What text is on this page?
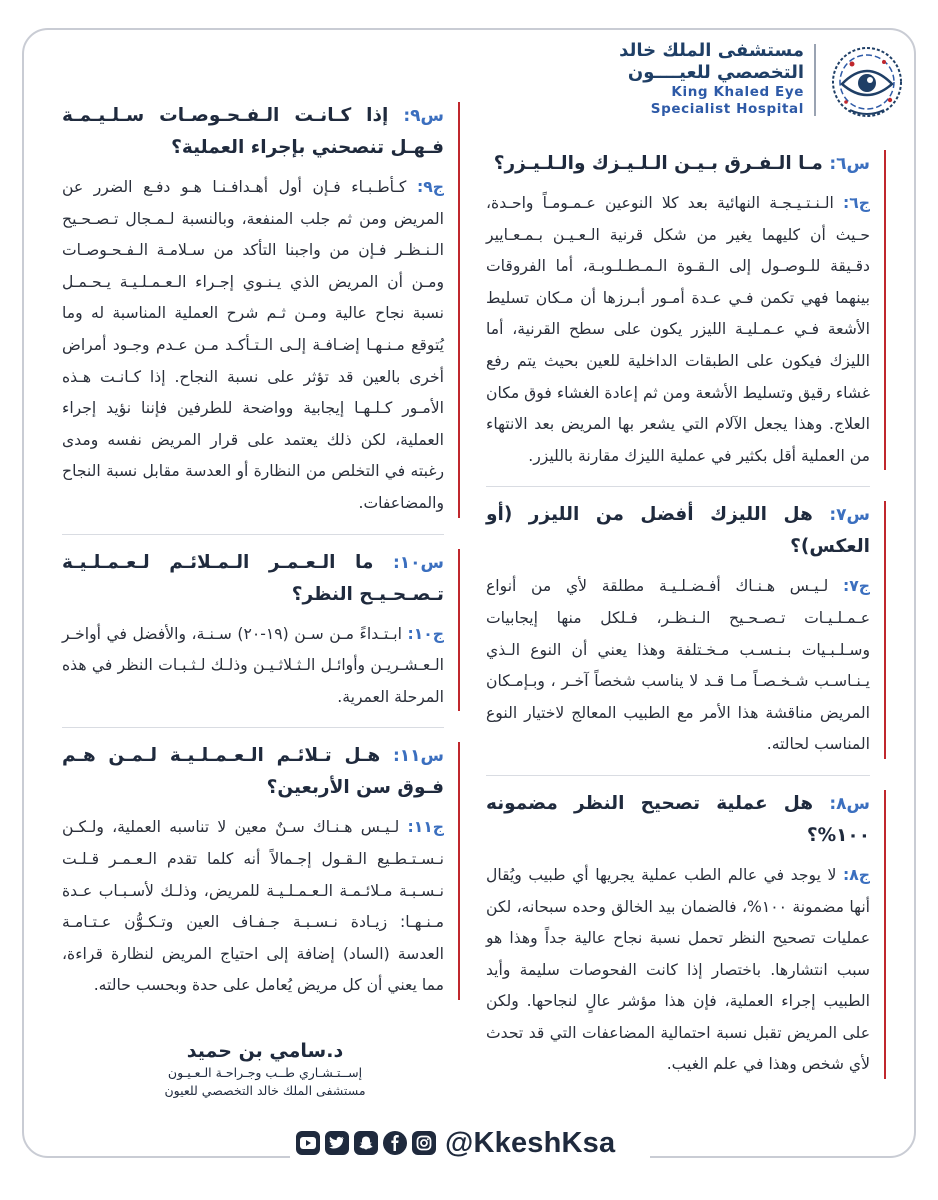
مستشفى الملك خالد
التخصصي للعيــــون
King Khaled Eye
Specialist Hospital
س٦: مـا الـفـرق بـيـن الـلـيـزك والـلـيـزر؟
ج٦: الـنـتـيـجـة النهائية بعد كلا النوعين عـمـومـاً واحـدة، حـيث أن كليهما يغير من شكل قرنية الـعـيـن بـمـعـايير دقـيقة للـوصـول إلى الـقـوة الـمـطـلـوبـة، أما الفروقات بينهما فهي تكمن فـي عـدة أمـور أبـرزها أن مـكان تسليط الأشعة فـي عـمـليـة الليزر يكون على سطح القرنية، أما الليزك فيكون على الطبقات الداخلية للعين بحيث يتم رفع غشاء رقيق وتسليط الأشعة ومن ثم إعادة الغشاء فوق مكان العلاج. وهذا يجعل الآلام التي يشعر بها المريض بعد الانتهاء من العملية أقل بكثير في عملية الليزك مقارنة بالليزر.
س٧: هل الليزك أفضل من الليزر (أو العكس)؟
ج٧: لـيـس هـنـاك أفـضـلـيـة مطلقة لأي من أنواع عـمـلـيـات تـصـحـيح الـنـظـر، فـلكل منها إيجابيات وسـلـبـيات بـنـسـب مـخـتلفة وهذا يعني أن النوع الـذي يـنـاسـب شـخـصـاً مـا قـد لا يناسب شخصاً آخـر ، وبـإمـكان المريض مناقشة هذا الأمر مع الطبيب المعالج لاختيار النوع المناسب لحالته.
س٨: هل عملية تصحيح النظر مضمونه ١٠٠%؟
ج٨: لا يوجد في عالم الطب عملية يجريها أي طبيب ويُقال أنها مضمونة ١٠٠%، فالضمان بيد الخالق وحده سبحانه، لكن عمليات تصحيح النظر تحمل نسبة نجاح عالية جداً وهذا هو سبب انتشارها. باختصار إذا كانت الفحوصات سليمة وأيد الطبيب إجراء العملية، فإن هذا مؤشر عالٍ لنجاحها. ولكن على المريض تقبل نسبة احتمالية المضاعفات التي قد تحدث لأي شخص وهذا في علم الغيب.
س٩: إذا كـانـت الـفـحـوصـات سـلـيـمـة فـهـل تنصحني بإجراء العملية؟
ج٩: كـأطـبـاء فـإن أول أهـدافـنـا هـو دفـع الضرر عن المريض ومن ثم جلب المنفعة، وبالنسبة لـمـجال تـصـحـيح الـنـظـر فـإن من واجبنا التأكد من سـلامـة الـفـحـوصـات ومـن أن المريض الذي يـنـوي إجـراء الـعـمـلـيـة يـحـمـل نسبة نجاح عالية ومـن ثـم شرح العملية المناسبة له وما يُتوقع مـنـهـا إضـافـة إلـى الـتـأكـد مـن عـدم وجـود أمراض أخرى بالعين قد تؤثر على نسبة النجاح. إذا كـانـت هـذه الأمـور كـلـهـا إيجابية وواضحة للطرفين فإننا نؤيد إجراء العملية، لكن ذلك يعتمد على قرار المريض نفسه ومدى رغبته في التخلص من النظارة أو العدسة مقابل نسبة النجاح والمضاعفات.
س١٠: ما الـعـمـر الـمـلائـم لـعـمـلـيـة تـصـحـيـح النظر؟
ج١٠: ابـتـداءً مـن سـن (١٩-٢٠) سـنـة، والأفضل في أواخـر الـعـشـريـن وأوائـل الـثـلاثـيـن وذلـك لـثـبـات النظر في هذه المرحلة العمرية.
س١١: هـل تـلائـم الـعـمـلـيـة لـمـن هـم فـوق سن الأربعين؟
ج١١: لـيـس هـنـاك سـنٌ معين لا تناسبه العملية، ولـكـن نـسـتـطـيع الـقـول إجـمالاً أنه كلما تقدم الـعـمـر قـلـت نـسـبـة مـلائـمـة الـعـمـلـيـة للمريض، وذلـك لأسـبـاب عـدة مـنـهـا: زيـادة نـسـبـة جـفـاف العين وتـكـوُّن عـتـامـة العدسة (الساد) إضافة إلى احتياج المريض لنظارة قراءة، مما يعني أن كل مريض يُعامل على حدة وبحسب حالته.
د.سامي بن حميد
إســتـشـاري طــب وجـراحـة الـعـيـون
مستشفى الملك خالد التخصصي للعيون
@KkeshKsa
